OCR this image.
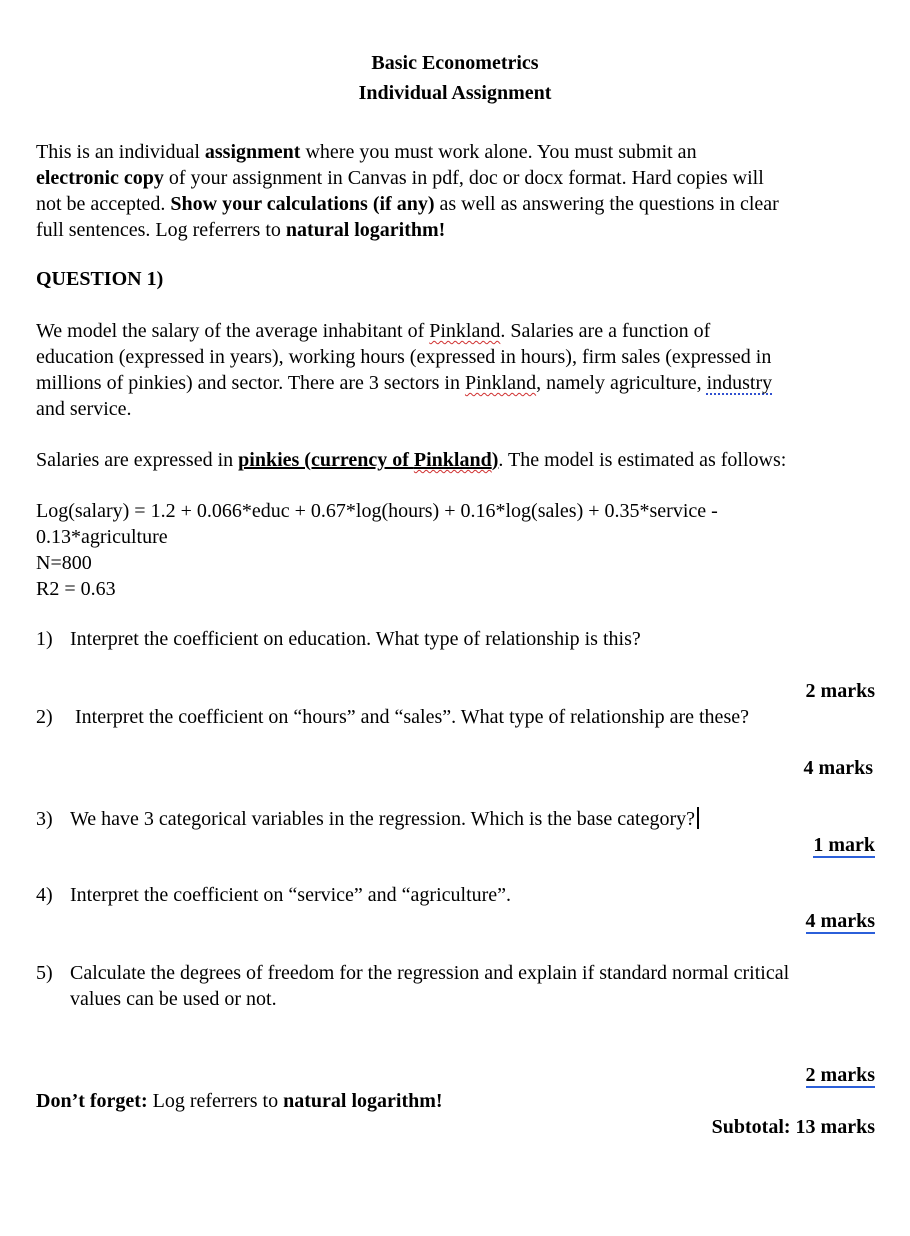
Basic Econometrics

Individual Assignment

This is an individual assignment where you must work alone. You must submit an
electronic copy of your assignment in Canvas in pdf, doc or docx format. Hard copies will
not be accepted. Show your calculations (if any) as well as answering the questions in clear
full sentences. Log referrers to natural logarithm!

QUESTION 1)

We model the salary of the average inhabitant of Pinkland. Salaries are a function of
education (expressed in years), working hours (expressed in hours), firm sales (expressed in
millions of pinkies) and sector. There are 3 sectors in Pinkland, namely agriculture, industry
and service.
Salaries are expressed in pinkies (currency of Pinkland). The model is estimated as follows:
Log(salary) = 1.2 + 0.066*educ + 0.67*log(hours) + 0.16*log(sales) + 0.35*service -
0.13*agriculture
N=800
R2 = 0.63
1) Interpret the coefficient on education. What type of relationship is this?
2 marks
2) Interpret the coefficient on “hours” and “sales”. What type of relationship are these?
4 marks
3) We have 3 categorical variables in the regression. Which is the base category?
1 mark
4) Interpret the coefficient on “service” and “agriculture”.
4 marks
5) Calculate the degrees of freedom for the regression and explain if standard normal critical
values can be used or not.
2 marks
Don’t forget: Log referrers to natural logarithm!
Subtotal: 13 marks
